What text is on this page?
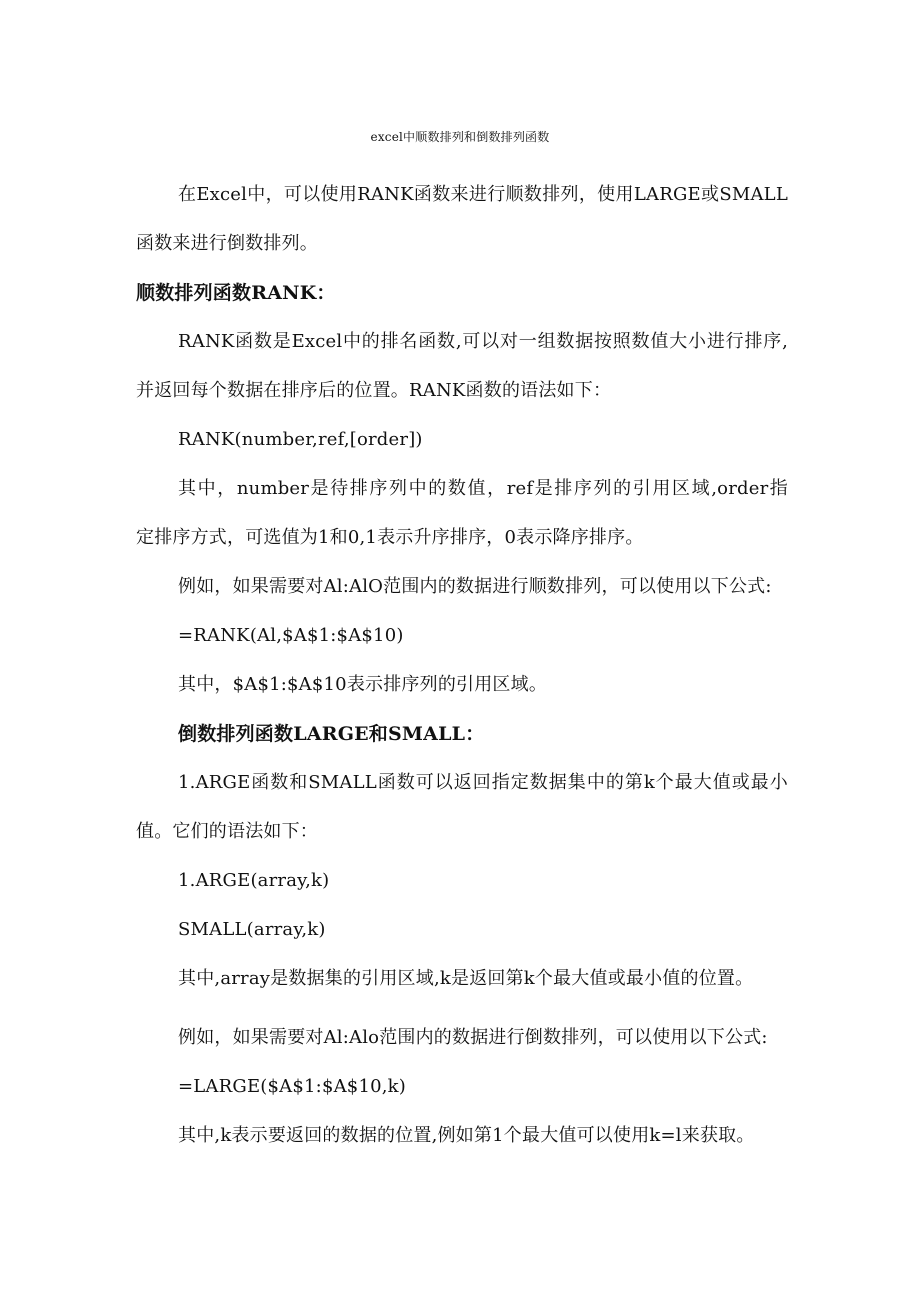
excel中顺数排列和倒数排列函数

在Excel中，可以使用RANK函数来进行顺数排列，使用LARGE或SMALL

函数来进行倒数排列。

顺数排列函数RANK：

RANK函数是Excel中的排名函数,可以对一组数据按照数值大小进行排序,

并返回每个数据在排序后的位置。RANK函数的语法如下：

RANK(number,ref,[order])

其中，number是待排序列中的数值，ref是排序列的引用区域,order指

定排序方式，可选值为1和0,1表示升序排序，0表示降序排序。

例如，如果需要对Al:AlO范围内的数据进行顺数排列，可以使用以下公式:

=RANK(Al,$A$1:$A$10)

其中，$A$1:$A$10表示排序列的引用区域。

倒数排列函数LARGE和SMALL：

1.ARGE函数和SMALL函数可以返回指定数据集中的第k个最大值或最小

值。它们的语法如下：

1.ARGE(array,k)

SMALL(array,k)

其中,array是数据集的引用区域,k是返回第k个最大值或最小值的位置。

例如，如果需要对Al:Alo范围内的数据进行倒数排列，可以使用以下公式:

=LARGE($A$1:$A$10,k)

其中,k表示要返回的数据的位置,例如第1个最大值可以使用k=l来获取。
